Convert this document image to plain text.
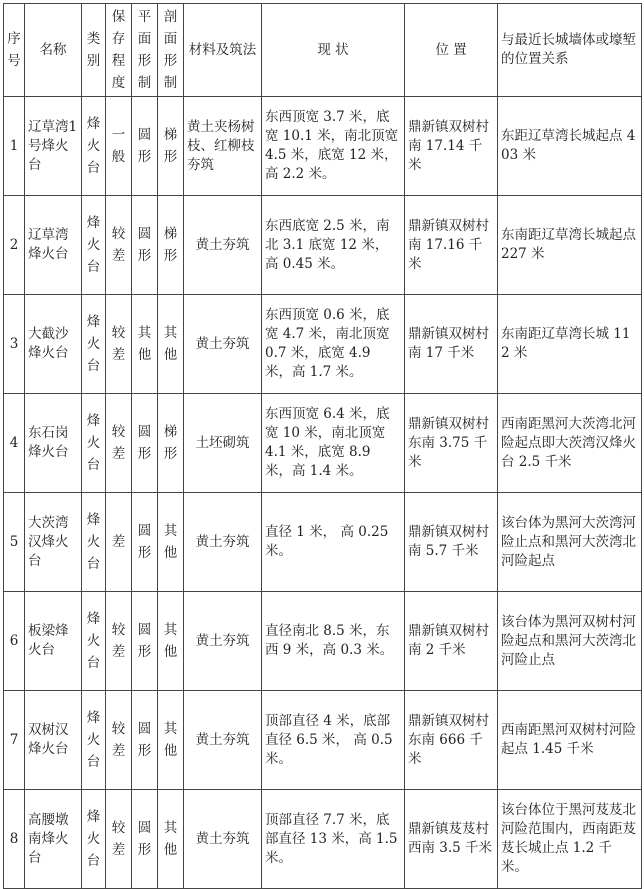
序号	名称	类别	保存程度	平面形制	剖面形制	材料及筑法	现 状	位 置	与最近长城墙体或壕堑的位置关系
1	辽草湾1号烽火台	烽火台	一般	圆形	梯形	黄土夹杨树枝、红柳枝夯筑	东西顶宽 3.7 米，底宽 10.1 米，南北顶宽 4.5 米，底宽 12 米，高 2.2 米。	鼎新镇双树村南 17.14 千米	东距辽草湾长城起点 403 米
2	辽草湾烽火台	烽火台	较差	圆形	梯形	黄土夯筑	东西底宽 2.5 米，南北 3.1 底宽 12 米，高 0.45 米。	鼎新镇双树村南 17.16 千米	东南距辽草湾长城起点 227 米
3	大截沙烽火台	烽火台	较差	其他	其他	黄土夯筑	东西顶宽 0.6 米，底宽 4.7 米，南北顶宽 0.7 米，底宽 4.9 米，高 1.7 米。	鼎新镇双树村南 17 千米	东南距辽草湾长城 112 米
4	东石岗烽火台	烽火台	较差	圆形	梯形	土坯砌筑	东西顶宽 6.4 米，底宽 10 米，南北顶宽 4.1 米，底宽 8.9 米，高 1.4 米。	鼎新镇双树村东南 3.75 千米	西南距黑河大茨湾北河险起点即大茨湾汉烽火台 2.5 千米
5	大茨湾汉烽火台	烽火台	差	圆形	其他	黄土夯筑	直径 1 米， 高 0.25 米。	鼎新镇双树村南 5.7 千米	该台体为黑河大茨湾河险止点和黑河大茨湾北河险起点
6	板梁烽火台	烽火台	较差	圆形	其他	黄土夯筑	直径南北 8.5 米，东西 9 米，高 0.3 米。	鼎新镇双树村南 2 千米	该台体为黑河双树村河险起点和黑河大茨湾北河险止点
7	双树汉烽火台	烽火台	较差	圆形	其他	黄土夯筑	顶部直径 4 米，底部直径 6.5 米， 高 0.5 米。	鼎新镇双树村东南 666 千米	西南距黑河双树村河险起点 1.45 千米
8	高腰墩南烽火台	烽火台	较差	圆形	其他	黄土夯筑	顶部直径 7.7 米，底部直径 13 米，高 1.5 米。	鼎新镇芨芨村西南 3.5 千米	该台体位于黑河芨芨北河险范围内，西南距芨芨长城止点 1.2 千米。
